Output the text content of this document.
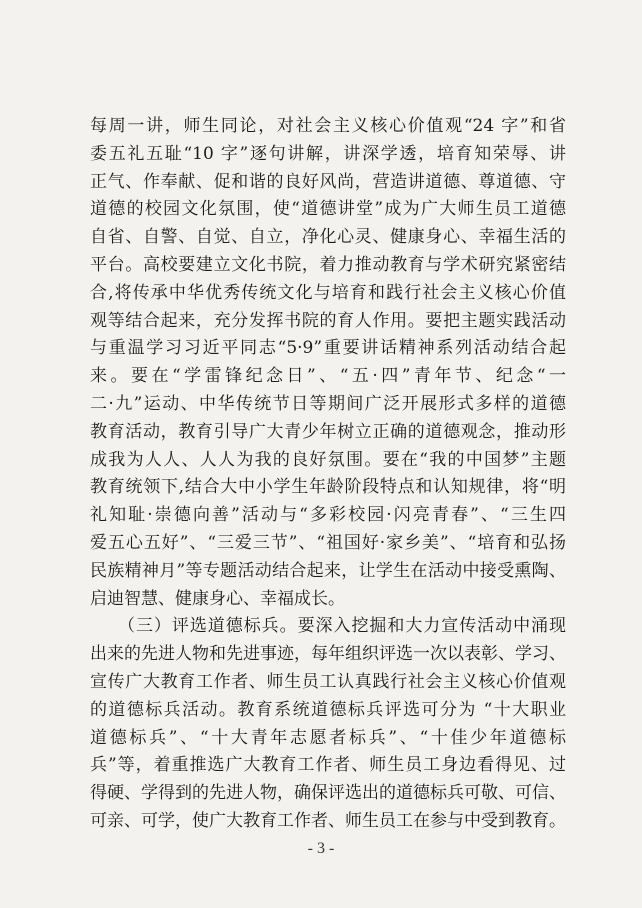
每周一讲，师生同论，对社会主义核心价值观“24 字”和省
委五礼五耻“10 字”逐句讲解，讲深学透，培育知荣辱、讲
正气、作奉献、促和谐的良好风尚，营造讲道德、尊道德、守
道德的校园文化氛围，使“道德讲堂”成为广大师生员工道德
自省、自警、自觉、自立，净化心灵、健康身心、幸福生活的
平台。高校要建立文化书院，着力推动教育与学术研究紧密结
合,将传承中华优秀传统文化与培育和践行社会主义核心价值
观等结合起来，充分发挥书院的育人作用。要把主题实践活动
与重温学习习近平同志“5·9”重要讲话精神系列活动结合起
来。要在“学雷锋纪念日”、“五·四”青年节、纪念“一
二·九”运动、中华传统节日等期间广泛开展形式多样的道德
教育活动，教育引导广大青少年树立正确的道德观念，推动形
成我为人人、人人为我的良好氛围。要在“我的中国梦”主题
教育统领下,结合大中小学生年龄阶段特点和认知规律，将“明
礼知耻·崇德向善”活动与“多彩校园·闪亮青春”、“三生四
爱五心五好”、“三爱三节”、“祖国好·家乡美”、“培育和弘扬
民族精神月”等专题活动结合起来，让学生在活动中接受熏陶、
启迪智慧、健康身心、幸福成长。
（三）评选道德标兵。要深入挖掘和大力宣传活动中涌现
出来的先进人物和先进事迹，每年组织评选一次以表彰、学习、
宣传广大教育工作者、师生员工认真践行社会主义核心价值观
的道德标兵活动。教育系统道德标兵评选可分为 “十大职业
道德标兵”、“十大青年志愿者标兵”、“十佳少年道德标
兵”等，着重推选广大教育工作者、师生员工身边看得见、过
得硬、学得到的先进人物，确保评选出的道德标兵可敬、可信、
可亲、可学，使广大教育工作者、师生员工在参与中受到教育。
- 3 -
